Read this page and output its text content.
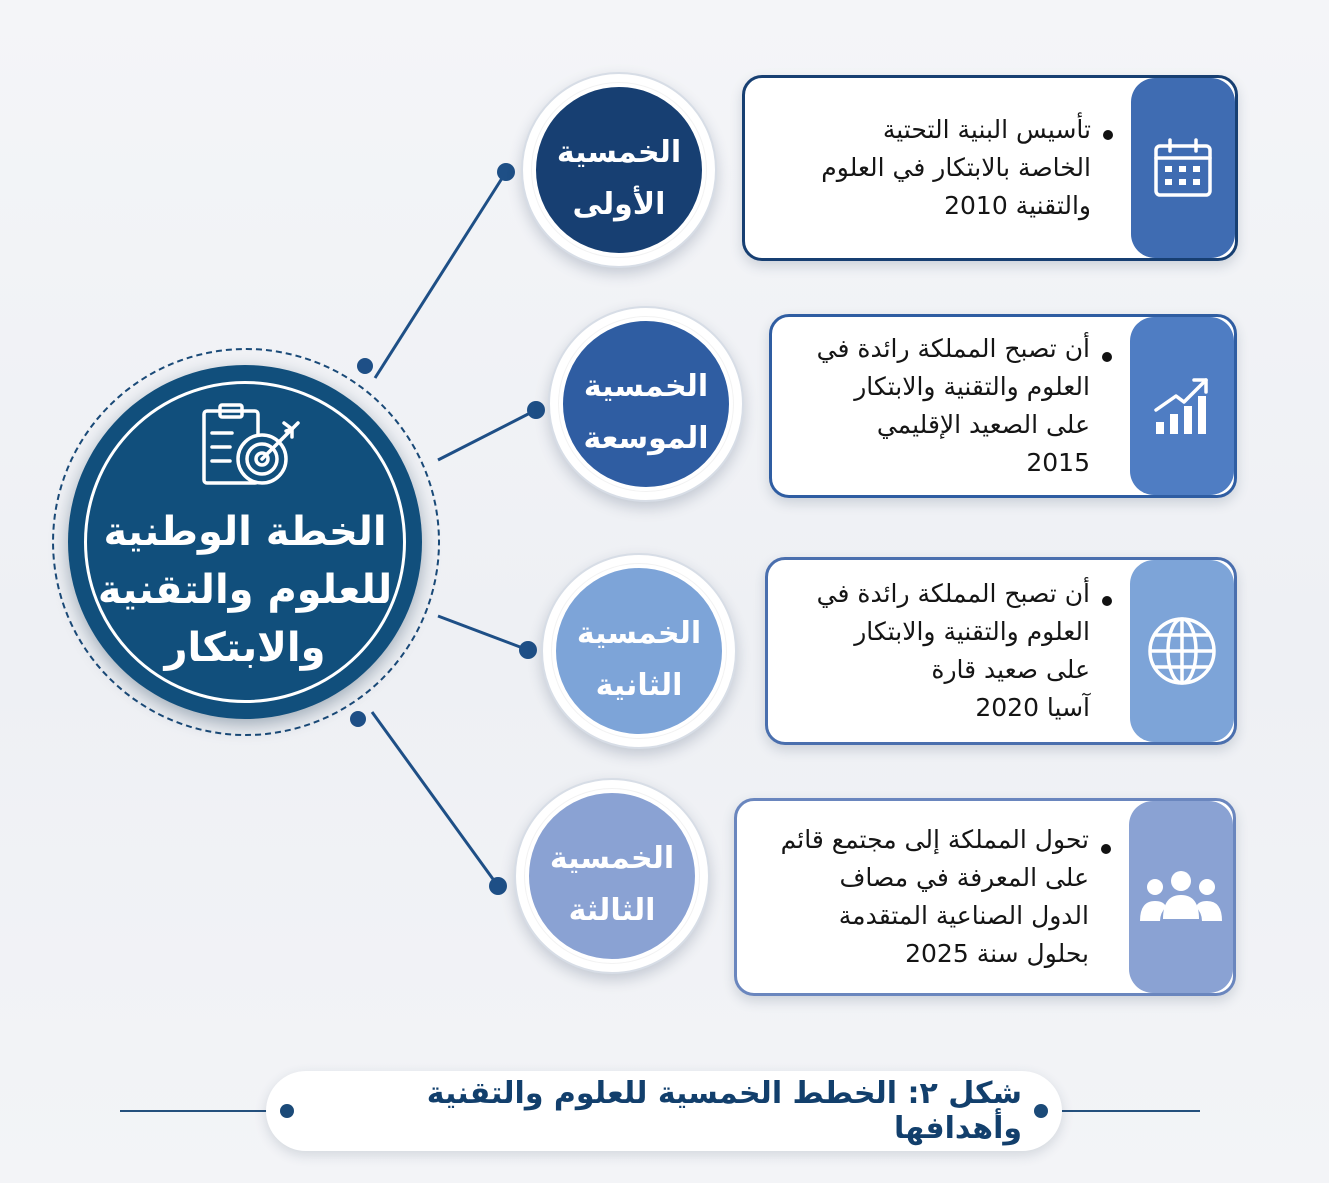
الخطة الوطنية
للعلوم والتقنية
والابتكار
الخمسية
الأولى
الخمسية
الموسعة
الخمسية
الثانية
الخمسية
الثالثة

تأسيس البنية التحتية
الخاصة بالابتكار في العلوم
والتقنية 2010

أن تصبح المملكة رائدة في
العلوم والتقنية والابتكار
على الصعيد الإقليمي
2015

أن تصبح المملكة رائدة في
العلوم والتقنية والابتكار
على صعيد قارة
آسيا 2020

تحول المملكة إلى مجتمع قائم
على المعرفة في مصاف
الدول الصناعية المتقدمة
بحلول سنة 2025

شكل ٢: الخطط الخمسية للعلوم والتقنية وأهدافها
